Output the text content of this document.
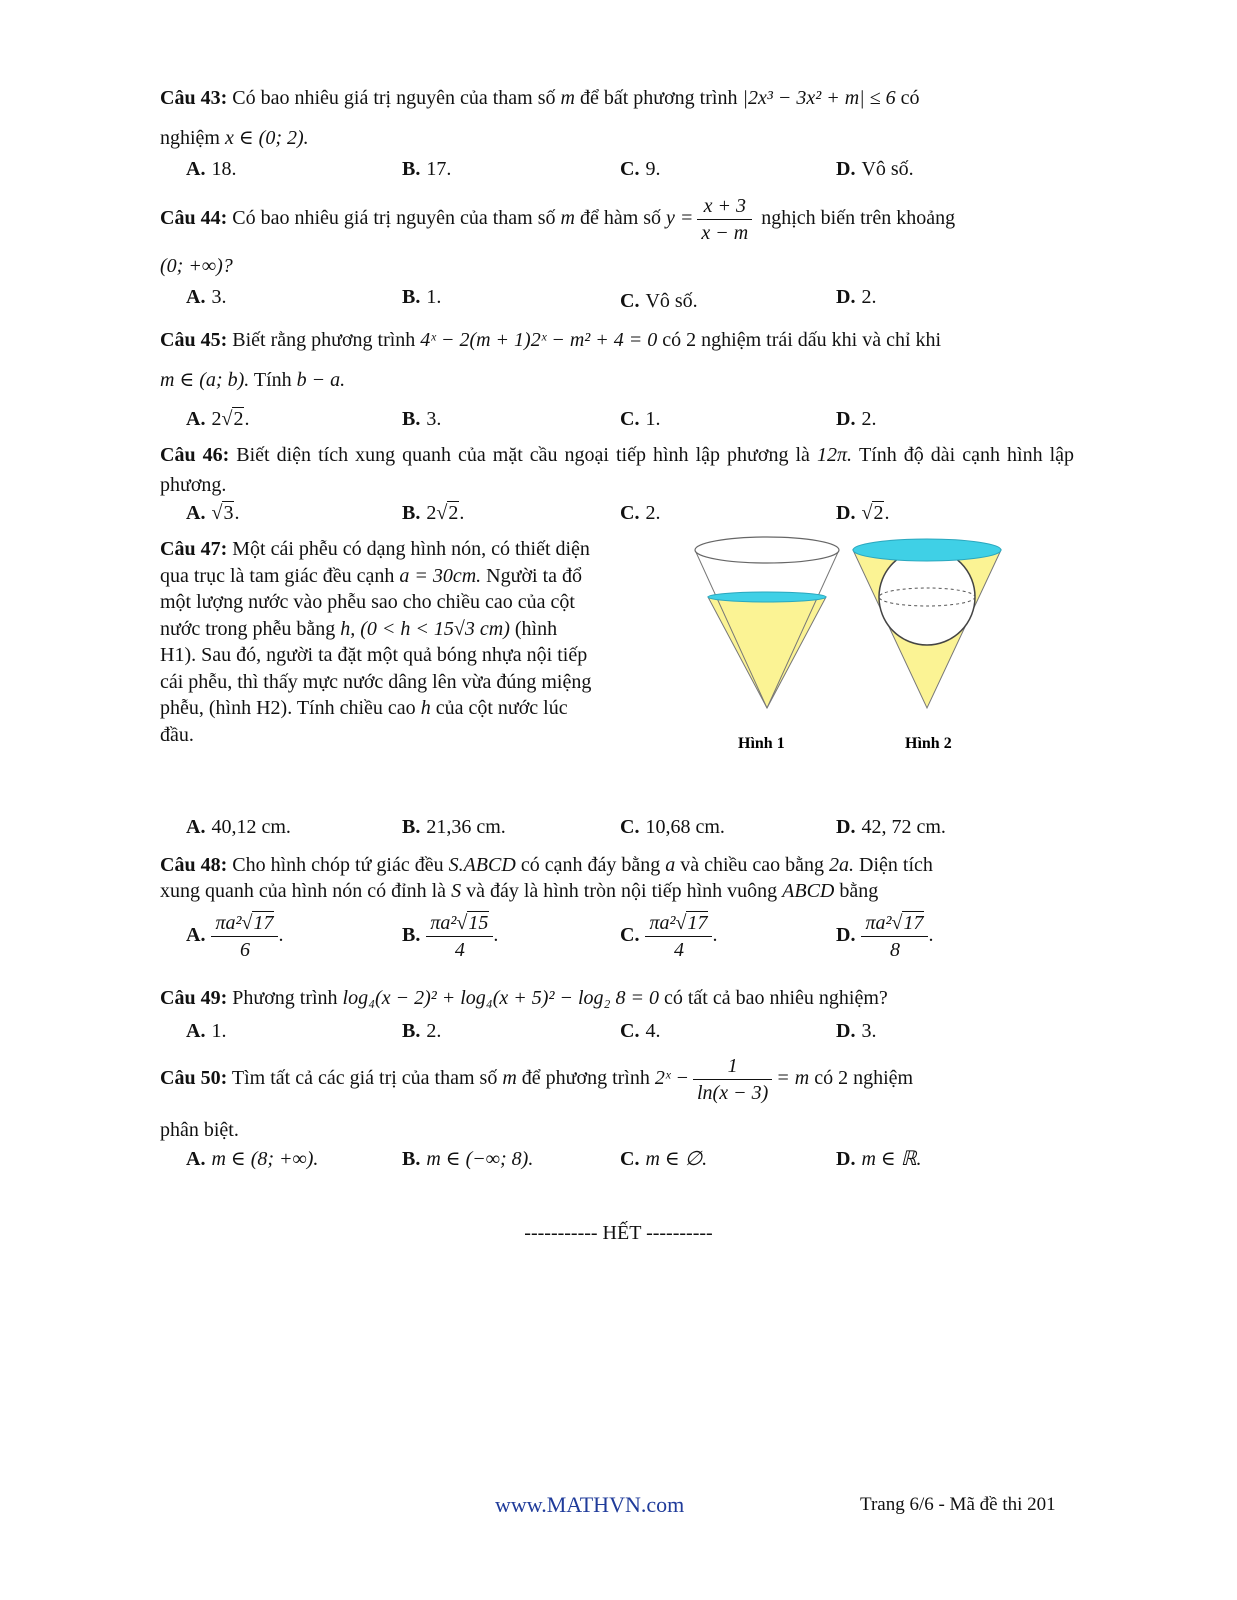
Câu 43: Có bao nhiêu giá trị nguyên của tham số m để bất phương trình |2x³ − 3x² + m| ≤ 6 có
nghiệm x ∈ (0; 2).
A. 18.	B. 17.	C. 9.	D. Vô số.
Câu 44: Có bao nhiêu giá trị nguyên của tham số m để hàm số $y = \frac{x + 3}{x - m}$ nghịch biến trên khoảng
(0; +∞)?
A. 3.	B. 1.	C. Vô số.	D. 2.
Câu 45: Biết rằng phương trình 4ˣ − 2(m + 1)2ˣ − m² + 4 = 0 có 2 nghiệm trái dấu khi và chỉ khi
m ∈ (a; b). Tính b − a.
A. 2√2.	B. 3.	C. 1.	D. 2.
Câu 46: Biết diện tích xung quanh của mặt cầu ngoại tiếp hình lập phương là 12π. Tính độ dài cạnh hình lập phương.
A. √3.	B. 2√2.	C. 2.	D. √2.
Câu 47: Một cái phễu có dạng hình nón, có thiết diện
qua trục là tam giác đều cạnh a = 30cm. Người ta đổ
một lượng nước vào phễu sao cho chiều cao của cột
nước trong phễu bằng h, (0 < h < 15√3 cm) (hình
H1). Sau đó, người ta đặt một quả bóng nhựa nội tiếp
cái phễu, thì thấy mực nước dâng lên vừa đúng miệng
phễu, (hình H2). Tính chiều cao h của cột nước lúc
đầu.	Hình 1	Hình 2
A. 40,12 cm.	B. 21,36 cm.	C. 10,68 cm.	D. 42, 72 cm.
Câu 48: Cho hình chóp tứ giác đều S.ABCD có cạnh đáy bằng a và chiều cao bằng 2a. Diện tích
xung quanh của hình nón có đỉnh là S và đáy là hình tròn nội tiếp hình vuông ABCD bằng
A. $\frac{\text{πa²√17}}{6}$ .	B. $\frac{\text{πa²√15}}{4}$ .	C. $\frac{\text{πa²√17}}{4}$ .	D. $\frac{\text{πa²√17}}{8}$ .
Câu 49: Phương trình log₄(x − 2)² + log₄(x + 5)² − log₂ 8 = 0 có tất cả bao nhiêu nghiệm?
A. 1.	B. 2.	C. 4.	D. 3.
Câu 50: Tìm tất cả các giá trị của tham số m để phương trình 2ˣ − $\frac{1}{\ln(x - 3)} = m$ có 2 nghiệm
phân biệt.
A. m ∈ (8; +∞).	B. m ∈ (−∞; 8).	C. m ∈ ∅.	D. m ∈ ℝ.
----------- HẾT ----------
www.MATHVN.com	Trang 6/6 - Mã đề thi 201
